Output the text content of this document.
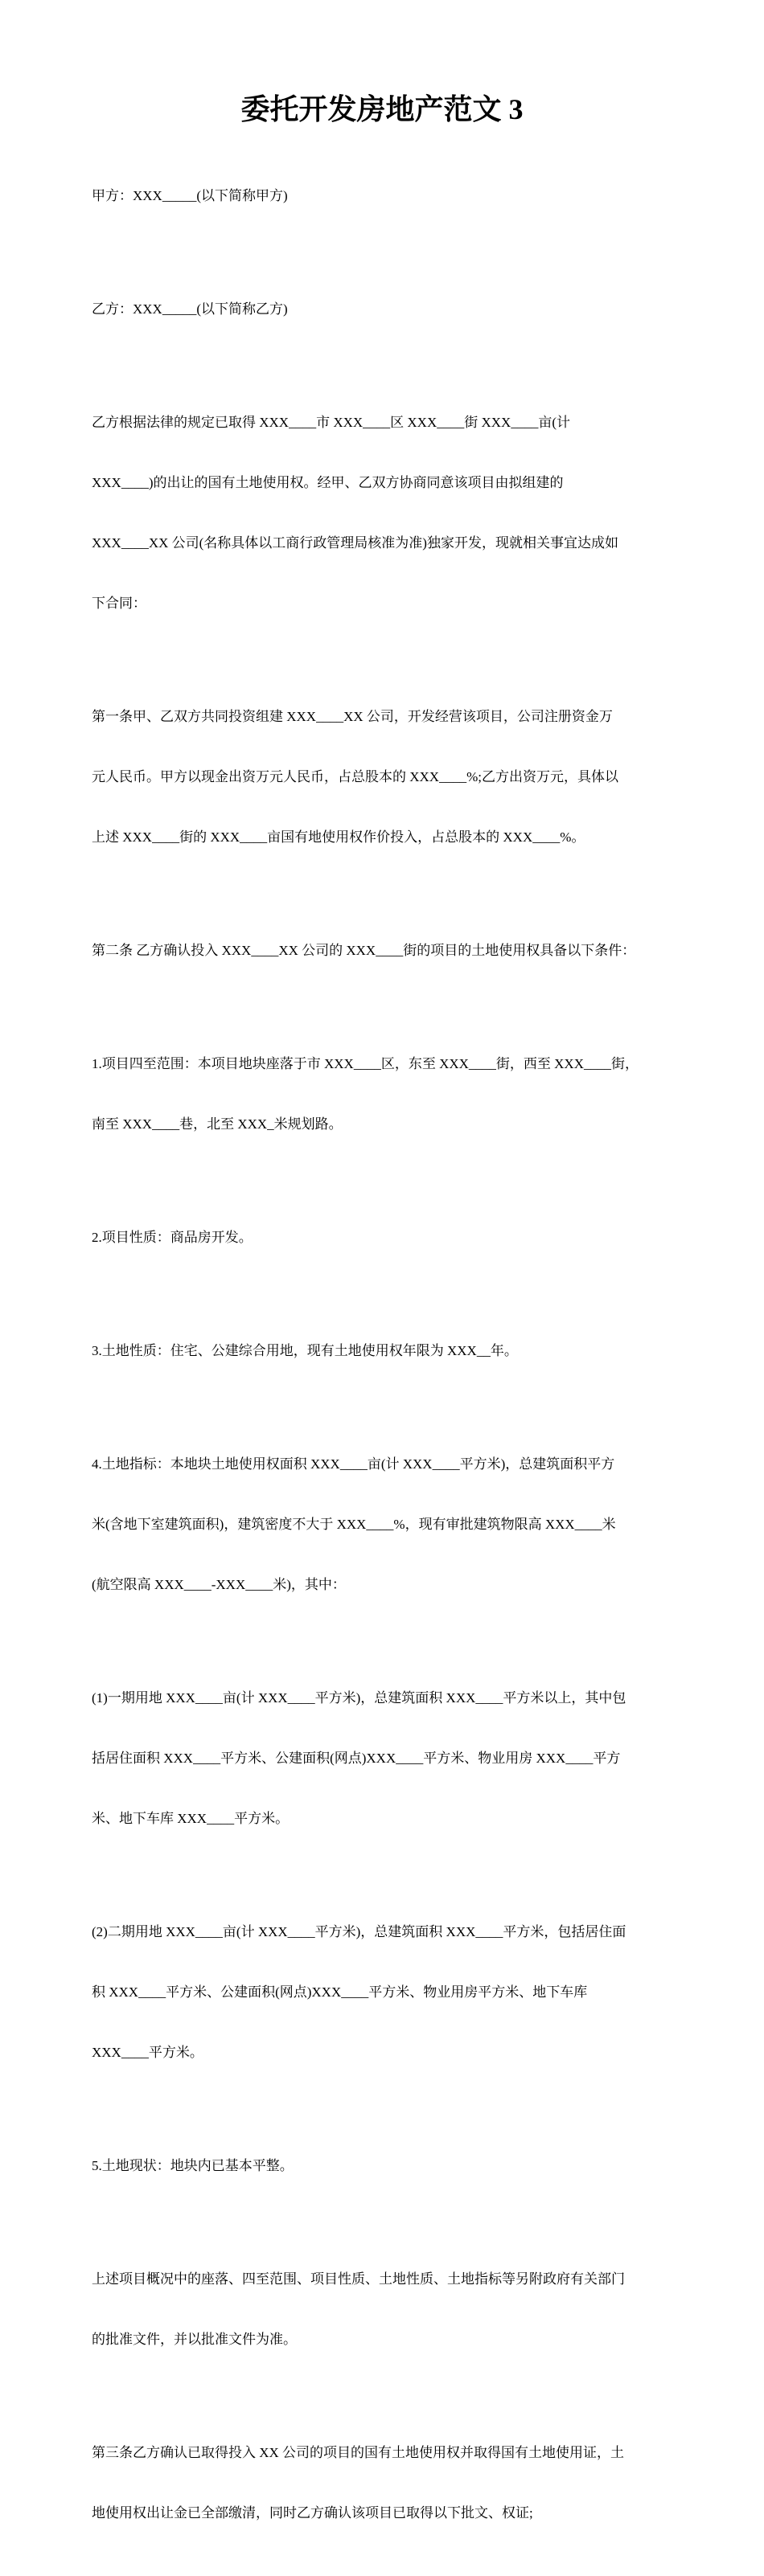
委托开发房地产范文 3

甲方：XXX_____(以下简称甲方)

乙方：XXX_____(以下简称乙方)

乙方根据法律的规定已取得 XXX____市 XXX____区 XXX____街 XXX____亩(计

XXX____)的出让的国有土地使用权。经甲、乙双方协商同意该项目由拟组建的

XXX____XX 公司(名称具体以工商行政管理局核准为准)独家开发，现就相关事宜达成如

下合同：

第一条甲、乙双方共同投资组建 XXX____XX 公司，开发经营该项目，公司注册资金万

元人民币。甲方以现金出资万元人民币，占总股本的 XXX____%;乙方出资万元，具体以

上述 XXX____街的 XXX____亩国有地使用权作价投入，占总股本的 XXX____%。

第二条 乙方确认投入 XXX____XX 公司的 XXX____街的项目的土地使用权具备以下条件：

1.项目四至范围：本项目地块座落于市 XXX____区，东至 XXX____街，西至 XXX____街，

南至 XXX____巷，北至 XXX_米规划路。

2.项目性质：商品房开发。

3.土地性质：住宅、公建综合用地，现有土地使用权年限为 XXX__年。

4.土地指标：本地块土地使用权面积 XXX____亩(计 XXX____平方米)，总建筑面积平方

米(含地下室建筑面积)，建筑密度不大于 XXX____%，现有审批建筑物限高 XXX____米

(航空限高 XXX____-XXX____米)，其中：

(1)一期用地 XXX____亩(计 XXX____平方米)，总建筑面积 XXX____平方米以上，其中包

括居住面积 XXX____平方米、公建面积(网点)XXX____平方米、物业用房 XXX____平方

米、地下车库 XXX____平方米。

(2)二期用地 XXX____亩(计 XXX____平方米)，总建筑面积 XXX____平方米，包括居住面

积 XXX____平方米、公建面积(网点)XXX____平方米、物业用房平方米、地下车库

XXX____平方米。

5.土地现状：地块内已基本平整。

上述项目概况中的座落、四至范围、项目性质、土地性质、土地指标等另附政府有关部门

的批准文件，并以批准文件为准。

第三条乙方确认已取得投入 XX 公司的项目的国有土地使用权并取得国有土地使用证，土

地使用权出让金已全部缴清，同时乙方确认该项目已取得以下批文、权证;
